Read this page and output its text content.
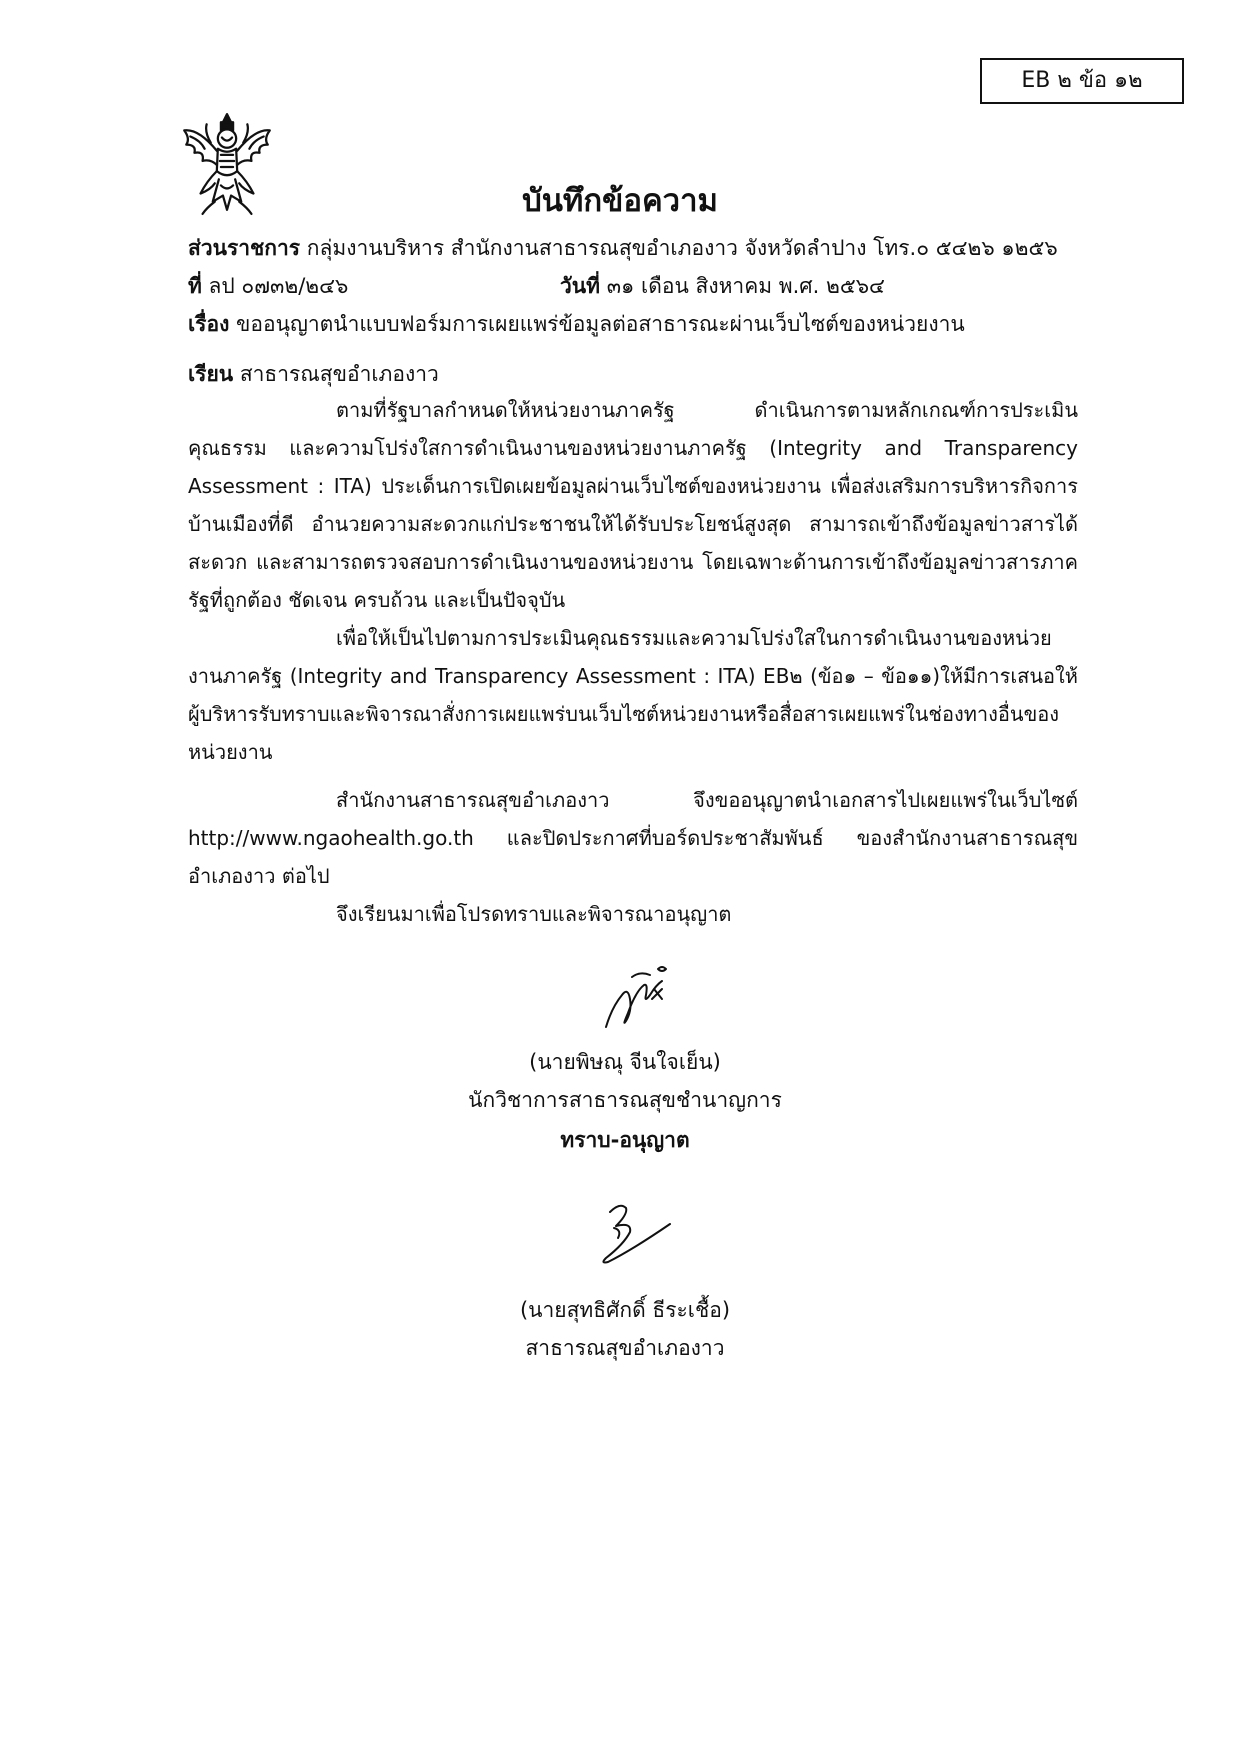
EB ๒ ข้อ ๑๒
บันทึกข้อความ
ส่วนราชการ กลุ่มงานบริหาร สำนักงานสาธารณสุขอำเภองาว จังหวัดลำปาง โทร.๐ ๕๔๒๖ ๑๒๕๖
ที่ ลป ๐๗๓๒/๒๔๖	วันที่ ๓๑ เดือน สิงหาคม พ.ศ. ๒๕๖๔
เรื่อง ขออนุญาตนำแบบฟอร์มการเผยแพร่ข้อมูลต่อสาธารณะผ่านเว็บไซต์ของหน่วยงาน
เรียน สาธารณสุขอำเภองาว
ตามที่รัฐบาลกำหนดให้หน่วยงานภาครัฐ ดำเนินการตามหลักเกณฑ์การประเมินคุณธรรม และความโปร่งใสการดำเนินงานของหน่วยงานภาครัฐ (Integrity and Transparency Assessment : ITA) ประเด็นการเปิดเผยข้อมูลผ่านเว็บไซต์ของหน่วยงาน เพื่อส่งเสริมการบริหารกิจการบ้านเมืองที่ดี อำนวยความสะดวกแก่ประชาชนให้ได้รับประโยชน์สูงสุด สามารถเข้าถึงข้อมูลข่าวสารได้สะดวก และสามารถตรวจสอบการดำเนินงานของหน่วยงาน โดยเฉพาะด้านการเข้าถึงข้อมูลข่าวสารภาครัฐที่ถูกต้อง ชัดเจน ครบถ้วน และเป็นปัจจุบัน
เพื่อให้เป็นไปตามการประเมินคุณธรรมและความโปร่งใสในการดำเนินงานของหน่วยงานภาครัฐ (Integrity and Transparency Assessment : ITA) EB๒ (ข้อ๑ – ข้อ๑๑)ให้มีการเสนอให้ผู้บริหารรับทราบและพิจารณาสั่งการเผยแพร่บนเว็บไซต์หน่วยงานหรือสื่อสารเผยแพร่ในช่องทางอื่นของหน่วยงาน
สำนักงานสาธารณสุขอำเภองาว จึงขออนุญาตนำเอกสารไปเผยแพร่ในเว็บไซต์ http://www.ngaohealth.go.th และปิดประกาศที่บอร์ดประชาสัมพันธ์ ของสำนักงานสาธารณสุขอำเภองาว ต่อไป
จึงเรียนมาเพื่อโปรดทราบและพิจารณาอนุญาต
(นายพิษณุ จีนใจเย็น)
นักวิชาการสาธารณสุขชำนาญการ
ทราบ-อนุญาต
(นายสุทธิศักดิ์ ธีระเชื้อ)
สาธารณสุขอำเภองาว
